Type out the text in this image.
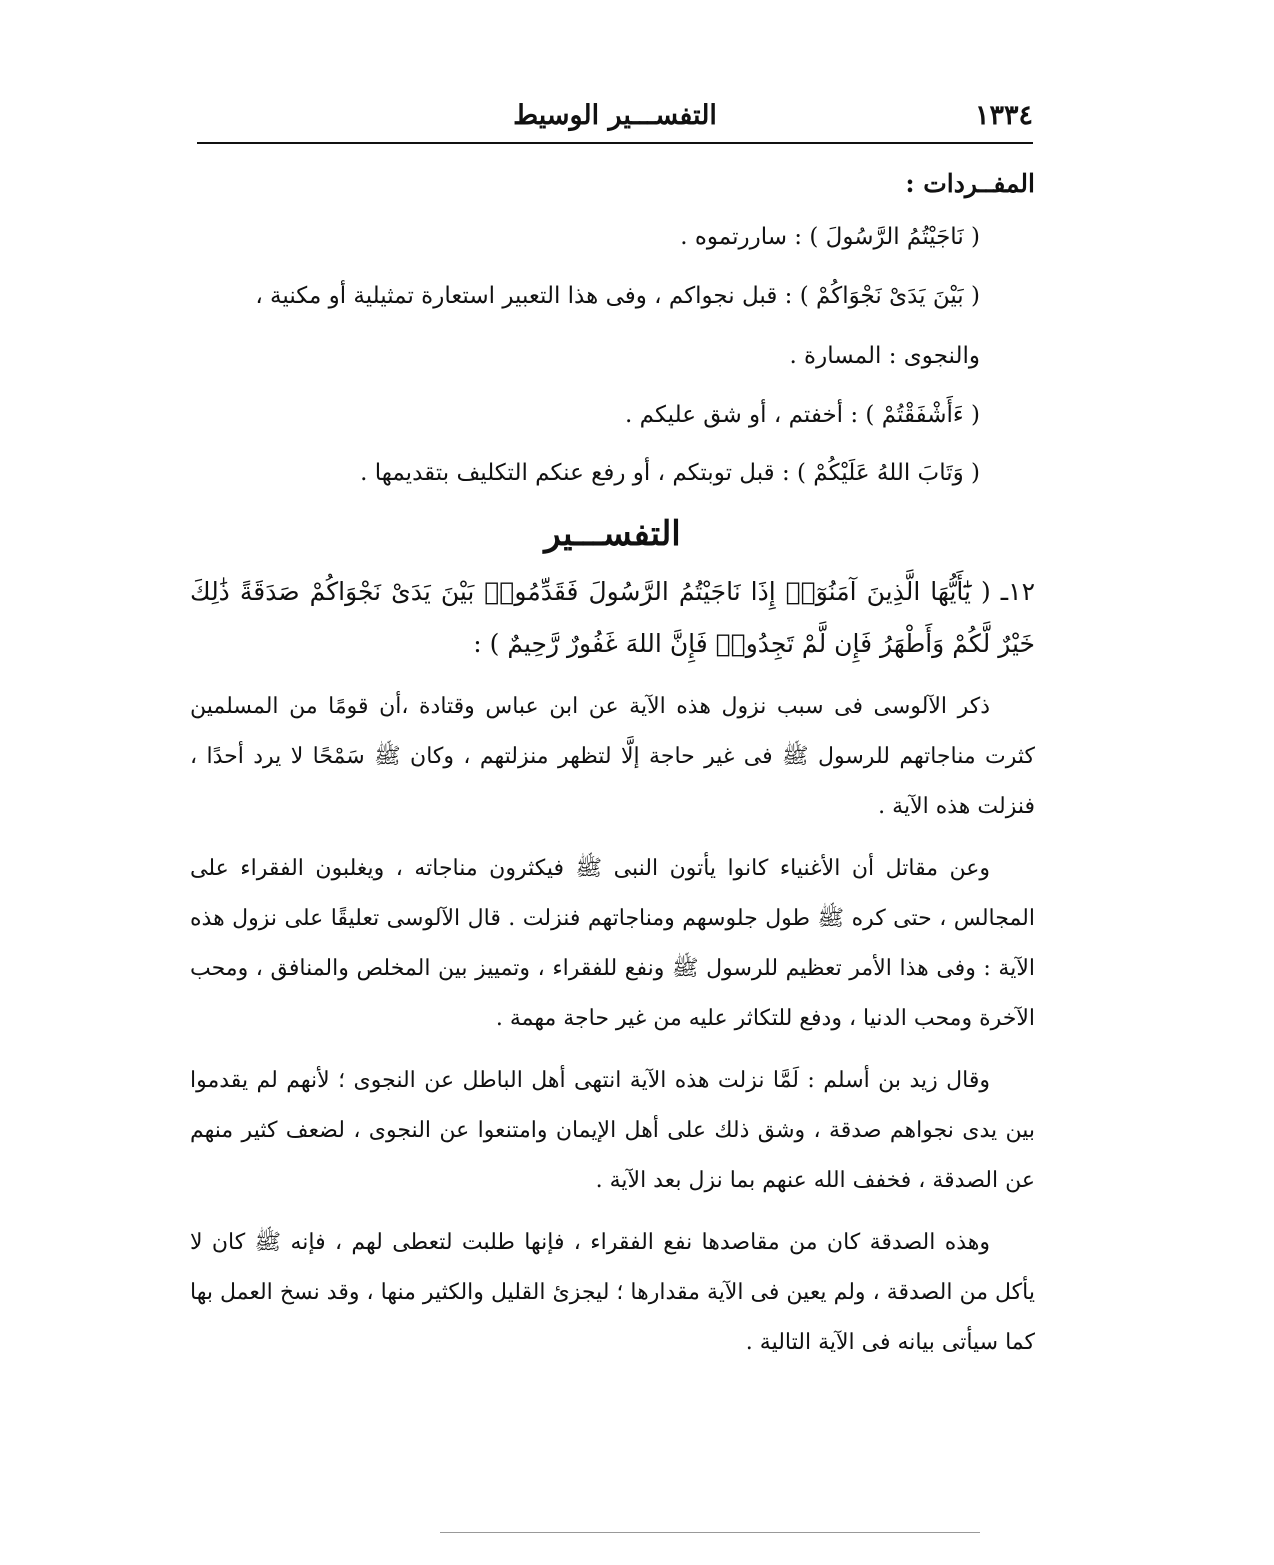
١٣٣٤
التفســـير الوسيط
المفــردات :
( نَاجَيْتُمُ الرَّسُولَ ) : ساررتموه .
( بَيْنَ يَدَىْ نَجْوَاكُمْ ) : قبل نجواكم ، وفى هذا التعبير استعارة تمثيلية أو مكنية ، والنجوى : المسارة .
( ءَأَشْفَقْتُمْ ) : أخفتم ، أو شق عليكم .
( وَتَابَ اللهُ عَلَيْكُمْ ) : قبل توبتكم ، أو رفع عنكم التكليف بتقديمها .
التفســـير

١٢ـ ( يَٰٓأَيُّهَا الَّذِينَ آمَنُوٓا۟ إِذَا نَاجَيْتُمُ الرَّسُولَ فَقَدِّمُوا۟ بَيْنَ يَدَىْ نَجْوَاكُمْ صَدَقَةً ذَٰلِكَ خَيْرٌ لَّكُمْ وَأَطْهَرُ فَإِن لَّمْ تَجِدُوا۟ فَإِنَّ اللهَ غَفُورٌ رَّحِيمٌ ) :

ذكر الآلوسى فى سبب نزول هذه الآية عن ابن عباس وقتادة ،أن قومًا من المسلمين كثرت مناجاتهم للرسول ﷺ فى غير حاجة إلَّا لتظهر منزلتهم ، وكان ﷺ سَمْحًا لا يرد أحدًا ، فنزلت هذه الآية .

وعن مقاتل أن الأغنياء كانوا يأتون النبى ﷺ فيكثرون مناجاته ، ويغلبون الفقراء على المجالس ، حتى كره ﷺ طول جلوسهم ومناجاتهم فنزلت . قال الآلوسى تعليقًا على نزول هذه الآية : وفى هذا الأمر تعظيم للرسول ﷺ ونفع للفقراء ، وتمييز بين المخلص والمنافق ، ومحب الآخرة ومحب الدنيا ، ودفع للتكاثر عليه من غير حاجة مهمة .

وقال زيد بن أسلم : لَمَّا نزلت هذه الآية انتهى أهل الباطل عن النجوى ؛ لأنهم لم يقدموا بين يدى نجواهم صدقة ، وشق ذلك على أهل الإيمان وامتنعوا عن النجوى ، لضعف كثير منهم عن الصدقة ، فخفف الله عنهم بما نزل بعد الآية .

وهذه الصدقة كان من مقاصدها نفع الفقراء ، فإنها طلبت لتعطى لهم ، فإنه ﷺ كان لا يأكل من الصدقة ، ولم يعين فى الآية مقدارها ؛ ليجزئ القليل والكثير منها ، وقد نسخ العمل بها كما سيأتى بيانه فى الآية التالية .
